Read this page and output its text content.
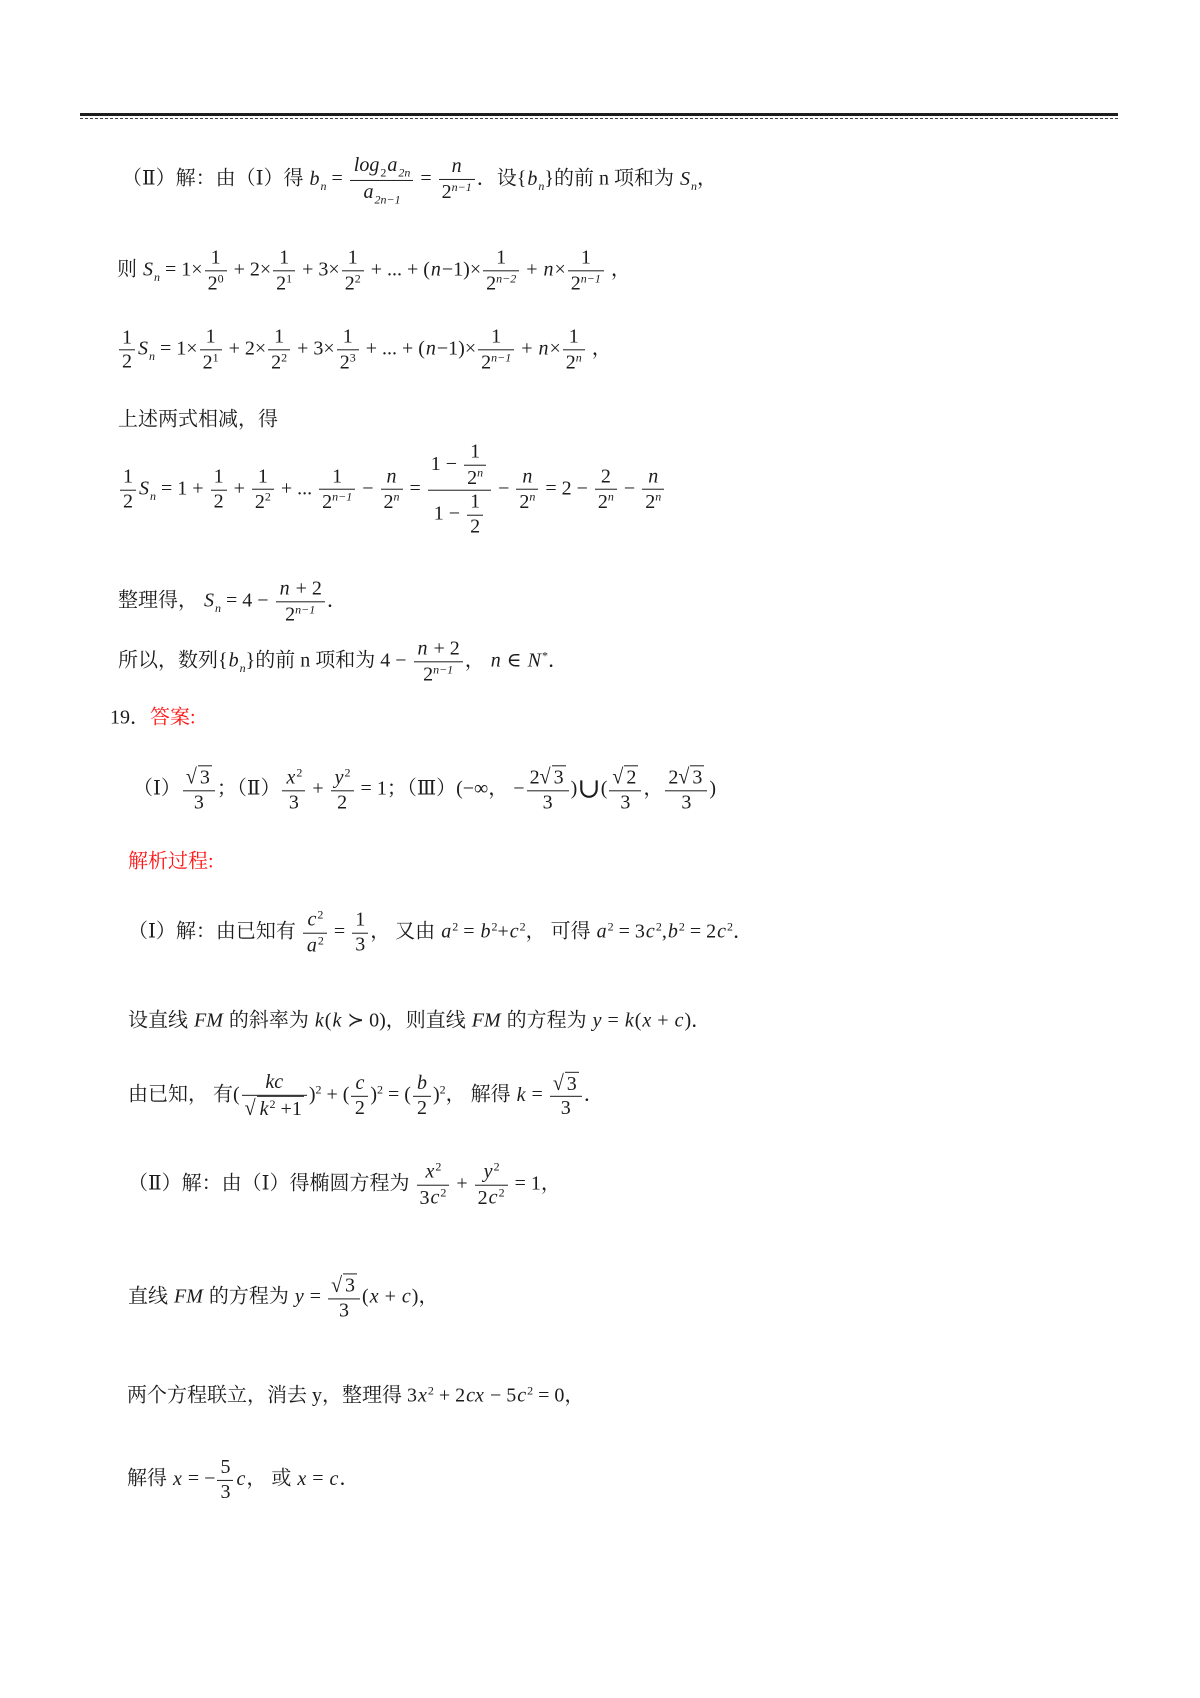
（Ⅱ）解：由（Ⅰ）得 $b_n = \frac{\log_2a_{2n}}{a_{2n-1}} = \frac{n}{2^{n-1}}$ ．设$\{b_n\}$的前 n 项和为 $S_n$，
则 $S_n = 1\times \frac{1}{2^0} + 2\times \frac{1}{2^1} + 3\times \frac{1}{2^2}$ + ... + $(n-1)\times \frac{1}{2^{n-2}} + n\times \frac{1}{2^{n-1}}$ ，
$\frac{1}{2} S_n = 1\times \frac{1}{2^1} + 2\times \frac{1}{2^2} + 3\times \frac{1}{2^3}$ + ... + $(n-1)\times \frac{1}{2^{n-1}} + n\times \frac{1}{2^n}$ ，
上述两式相减，得
$\frac{1}{2} S_n = 1 + \frac{1}{2} + \frac{1}{2^2}$ + ... $\frac{1}{2^{n-1}} - \frac{n}{2^n} = \frac{1 - \frac{1}{2^n}}{1 - \frac{1}{2}} - \frac{n}{2^n} = 2 - \frac{2}{2^n} - \frac{n}{2^n}$
整理得， $S_n = 4 - \frac{n + 2}{2^{n-1}}$ ．
所以，数列$\{b_n\}$的前 n 项和为 $4 - \frac{n + 2}{2^{n-1}}$ ， n ∈ N*．
19．答案:
（Ⅰ） $\frac{√ 3}{3}$ ；（Ⅱ） $\frac{x^2}{3} + \frac{y^2}{2} = 1$；（Ⅲ）(−∞， − $\frac{2√ 3}{3}$ )∪( $\frac{√ 2}{3}$ ， $\frac{2√ 3}{3}$ )
解析过程:
（Ⅰ）解：由已知有 $\frac{c^2}{a^2} = \frac{1}{3}$ ， 又由 $a^2 = b^2+c^2$， 可得 $a^2 = 3c^2,b^2 = 2c^2$．
设直线 FM 的斜率为 k(k ≻ 0)，则直线 FM 的方程为 y = k(x + c)．
由已知， 有( $\frac{kc}{√ k^2 +1} )^2$ + ( $\frac{c}{2} )^2$ = ( $\frac{b}{2} )^2$， 解得 $k = \frac{√ 3}{3}$ ．
（Ⅱ）解：由（Ⅰ）得椭圆方程为 $\frac{x^2}{3c^2} + \frac{y^2}{2c^2} = 1$，
直线 FM 的方程为 $y = \frac{√ 3}{3} (x + c)$，
两个方程联立，消去 y，整理得 $3x^2 + 2cx - 5c^2 = 0$，
解得 x = − $\frac{5}{3}$ c， 或 x = c．
